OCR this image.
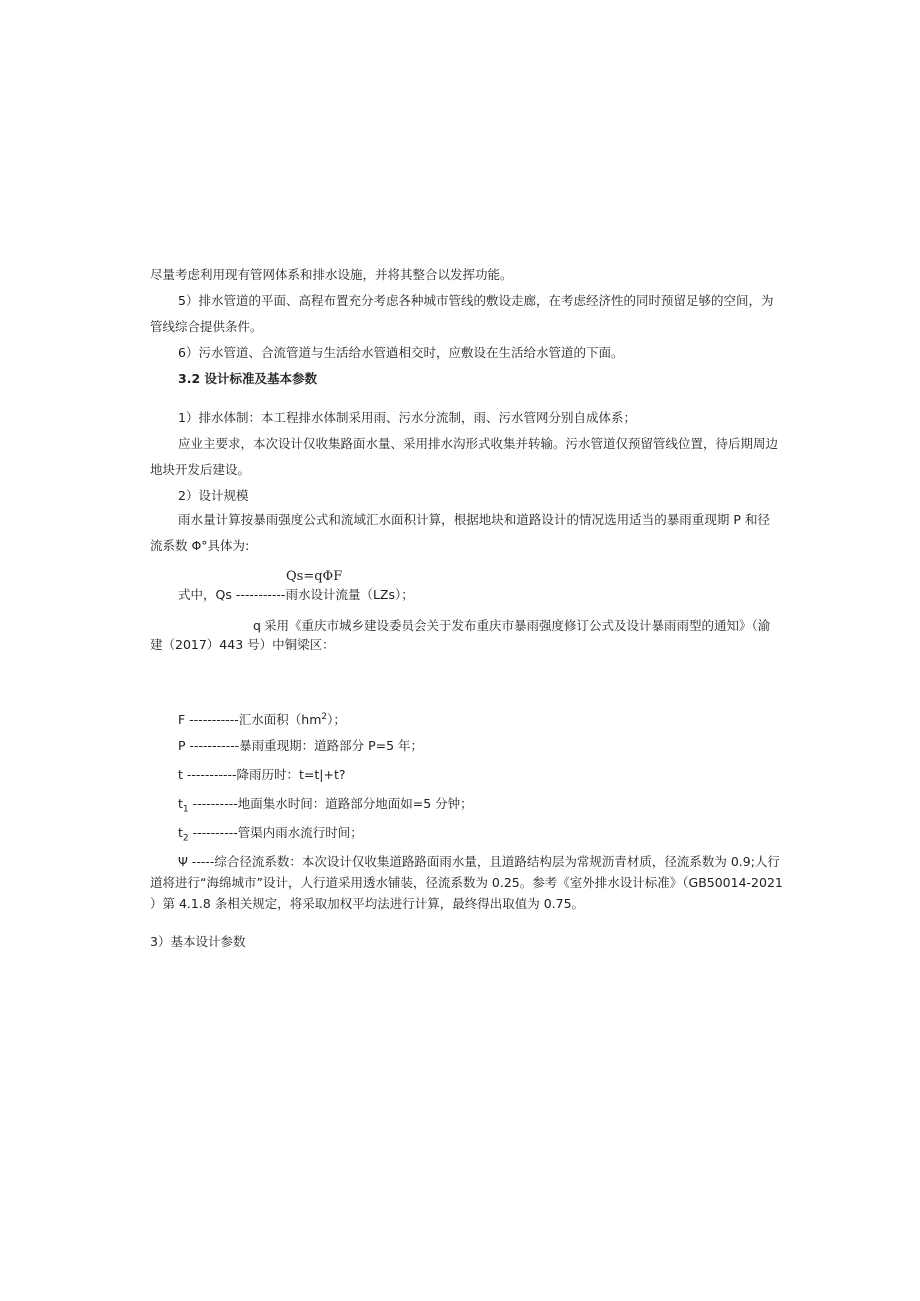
尽量考虑利用现有管网体系和排水设施，并将其整合以发挥功能。
5）排水管道的平面、高程布置充分考虑各种城市管线的敷设走廊，在考虑经济性的同时预留足够的空间，为
管线综合提供条件。
6）污水管道、合流管道与生活给水管遒相交时，应敷设在生活给水管道的下面。
3.2 设计标准及基本参数
1）排水体制：本工程排水体制采用雨、污水分流制，雨、污水管网分别自成体系；
应业主要求，本次设计仅收集路面水量、采用排水沟形式收集并转输。污水管道仅预留管线位置，待后期周边
地块开发后建设。
2）设计规模
雨水量计算按暴雨强度公式和流域汇水面积计算，根据地块和道路设计的情况选用适当的暴雨重现期 P 和径
流系数 Φ°具体为:
Qs=qΦF
式中，Qs -----------雨水设计流量（LZs）；
q 采用《重庆市城乡建设委员会关于发布重庆市暴雨强度修订公式及设计暴雨雨型的通知》（渝
建（2017）443 号）中铜梁区：
F -----------汇水面积$(hm^2)$；
P -----------暴雨重现期：道路部分 P=5 年；
t -----------降雨历时：t=t|+t?
$t_1$ ----------地面集水时间：道路部分地面如=5 分钟；
$t_2$ ----------管渠内雨水流行时间；
Ψ -----综合径流系数：本次设计仅收集道路路面雨水量，且道路结构层为常规沥青材质，径流系数为 0.9;人行
道将进行“海绵城市”设计，人行道采用透水铺装，径流系数为 0.25。参考《室外排水设计标准》（GB50014-2021
）第 4.1.8 条相关规定，将采取加权平均法进行计算，最终得出取值为 0.75。
3）基本设计参数
